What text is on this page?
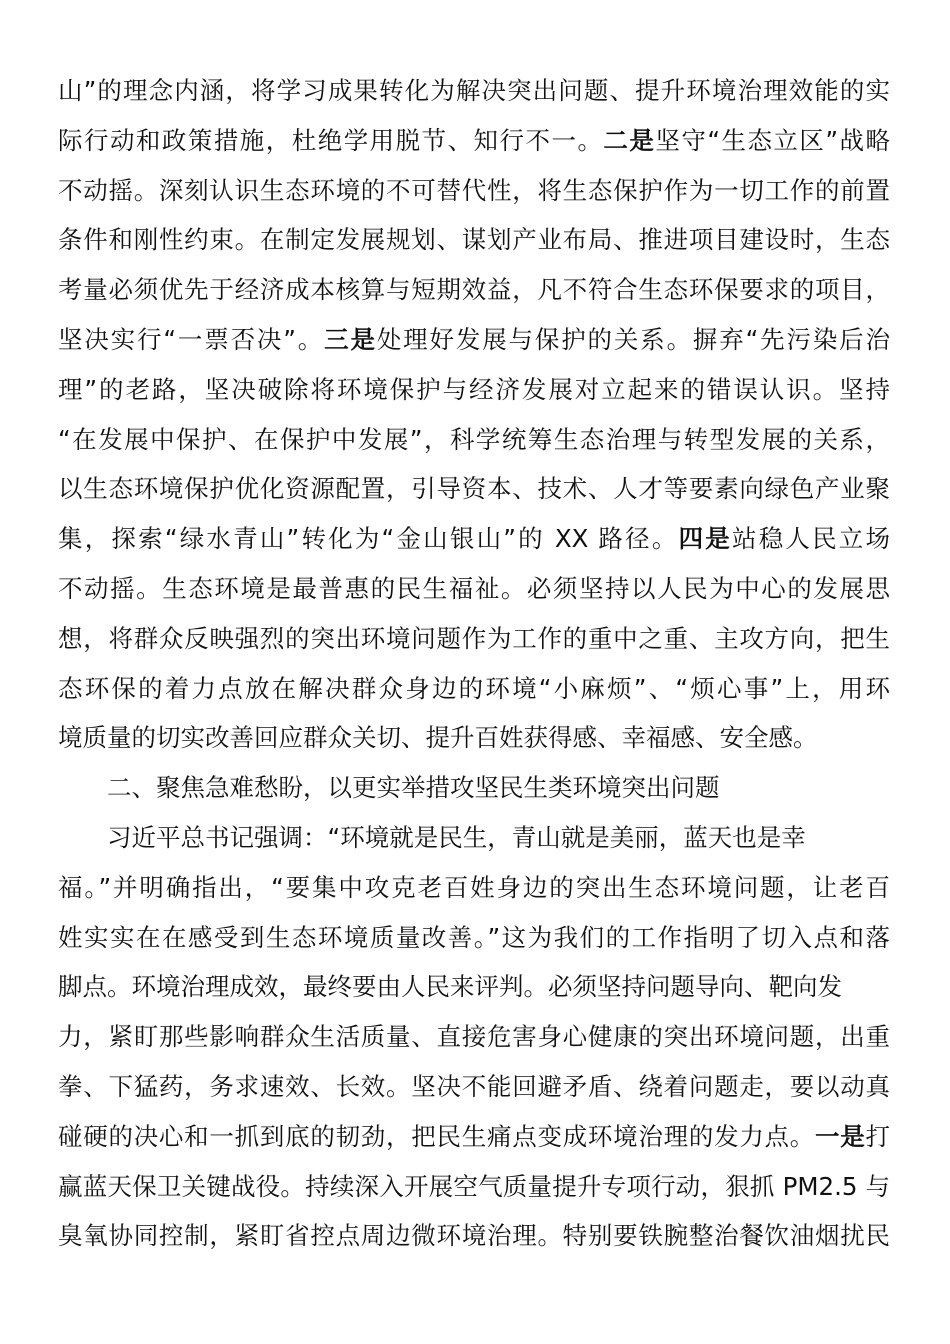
山”的理念内涵，将学习成果转化为解决突出问题、提升环境治理效能的实
际行动和政策措施，杜绝学用脱节、知行不一。二是坚守“生态立区”战略
不动摇。深刻认识生态环境的不可替代性，将生态保护作为一切工作的前置
条件和刚性约束。在制定发展规划、谋划产业布局、推进项目建设时，生态
考量必须优先于经济成本核算与短期效益，凡不符合生态环保要求的项目，
坚决实行“一票否决”。三是处理好发展与保护的关系。摒弃“先污染后治
理”的老路，坚决破除将环境保护与经济发展对立起来的错误认识。坚持
“在发展中保护、在保护中发展”，科学统筹生态治理与转型发展的关系，
以生态环境保护优化资源配置，引导资本、技术、人才等要素向绿色产业聚
集，探索“绿水青山”转化为“金山银山”的 XX 路径。四是站稳人民立场
不动摇。生态环境是最普惠的民生福祉。必须坚持以人民为中心的发展思
想，将群众反映强烈的突出环境问题作为工作的重中之重、主攻方向，把生
态环保的着力点放在解决群众身边的环境“小麻烦”、“烦心事”上，用环
境质量的切实改善回应群众关切、提升百姓获得感、幸福感、安全感。
二、聚焦急难愁盼，以更实举措攻坚民生类环境突出问题
习近平总书记强调：“环境就是民生，青山就是美丽，蓝天也是幸
福。”并明确指出，“要集中攻克老百姓身边的突出生态环境问题，让老百
姓实实在在感受到生态环境质量改善。”这为我们的工作指明了切入点和落
脚点。环境治理成效，最终要由人民来评判。必须坚持问题导向、靶向发
力，紧盯那些影响群众生活质量、直接危害身心健康的突出环境问题，出重
拳、下猛药，务求速效、长效。坚决不能回避矛盾、绕着问题走，要以动真
碰硬的决心和一抓到底的韧劲，把民生痛点变成环境治理的发力点。一是打
赢蓝天保卫关键战役。持续深入开展空气质量提升专项行动，狠抓 PM2.5 与
臭氧协同控制，紧盯省控点周边微环境治理。特别要铁腕整治餐饮油烟扰民
